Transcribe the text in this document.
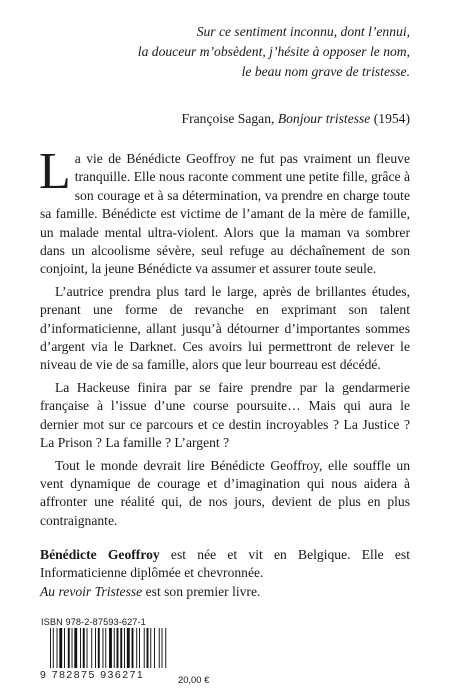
Sur ce sentiment inconnu, dont l’ennui,
la douceur m’obsèdent, j’hésite à opposer le nom,
le beau nom grave de tristesse.
Françoise Sagan, Bonjour tristesse (1954)

La vie de Bénédicte Geoffroy ne fut pas vraiment un fleuve tranquille. Elle nous raconte comment une petite fille, grâce à son courage et à sa détermination, va prendre en charge toute sa famille. Bénédicte est victime de l’amant de la mère de famille, un malade mental ultra-violent. Alors que la maman va sombrer dans un alcoolisme sévère, seul refuge au déchaînement de son conjoint, la jeune Bénédicte va assumer et assurer toute seule.

L’autrice prendra plus tard le large, après de brillantes études, prenant une forme de revanche en exprimant son talent d’informaticienne, allant jusqu’à détourner d’importantes sommes d’argent via le Darknet. Ces avoirs lui permettront de relever le niveau de vie de sa famille, alors que leur bourreau est décédé.

La Hackeuse finira par se faire prendre par la gendarmerie française à l’issue d’une course poursuite… Mais qui aura le dernier mot sur ce parcours et ce destin incroyables ? La Justice ? La Prison ? La famille ? L’argent ?

Tout le monde devrait lire Bénédicte Geoffroy, elle souffle un vent dynamique de courage et d’imagination qui nous aidera à affronter une réalité qui, de nos jours, devient de plus en plus contraignante.

Bénédicte Geoffroy est née et vit en Belgique. Elle est Informaticienne diplômée et chevronnée.

Au revoir Tristesse est son premier livre.

ISBN 978-2-87593-627-1
9 782875 936271	20,00 €
